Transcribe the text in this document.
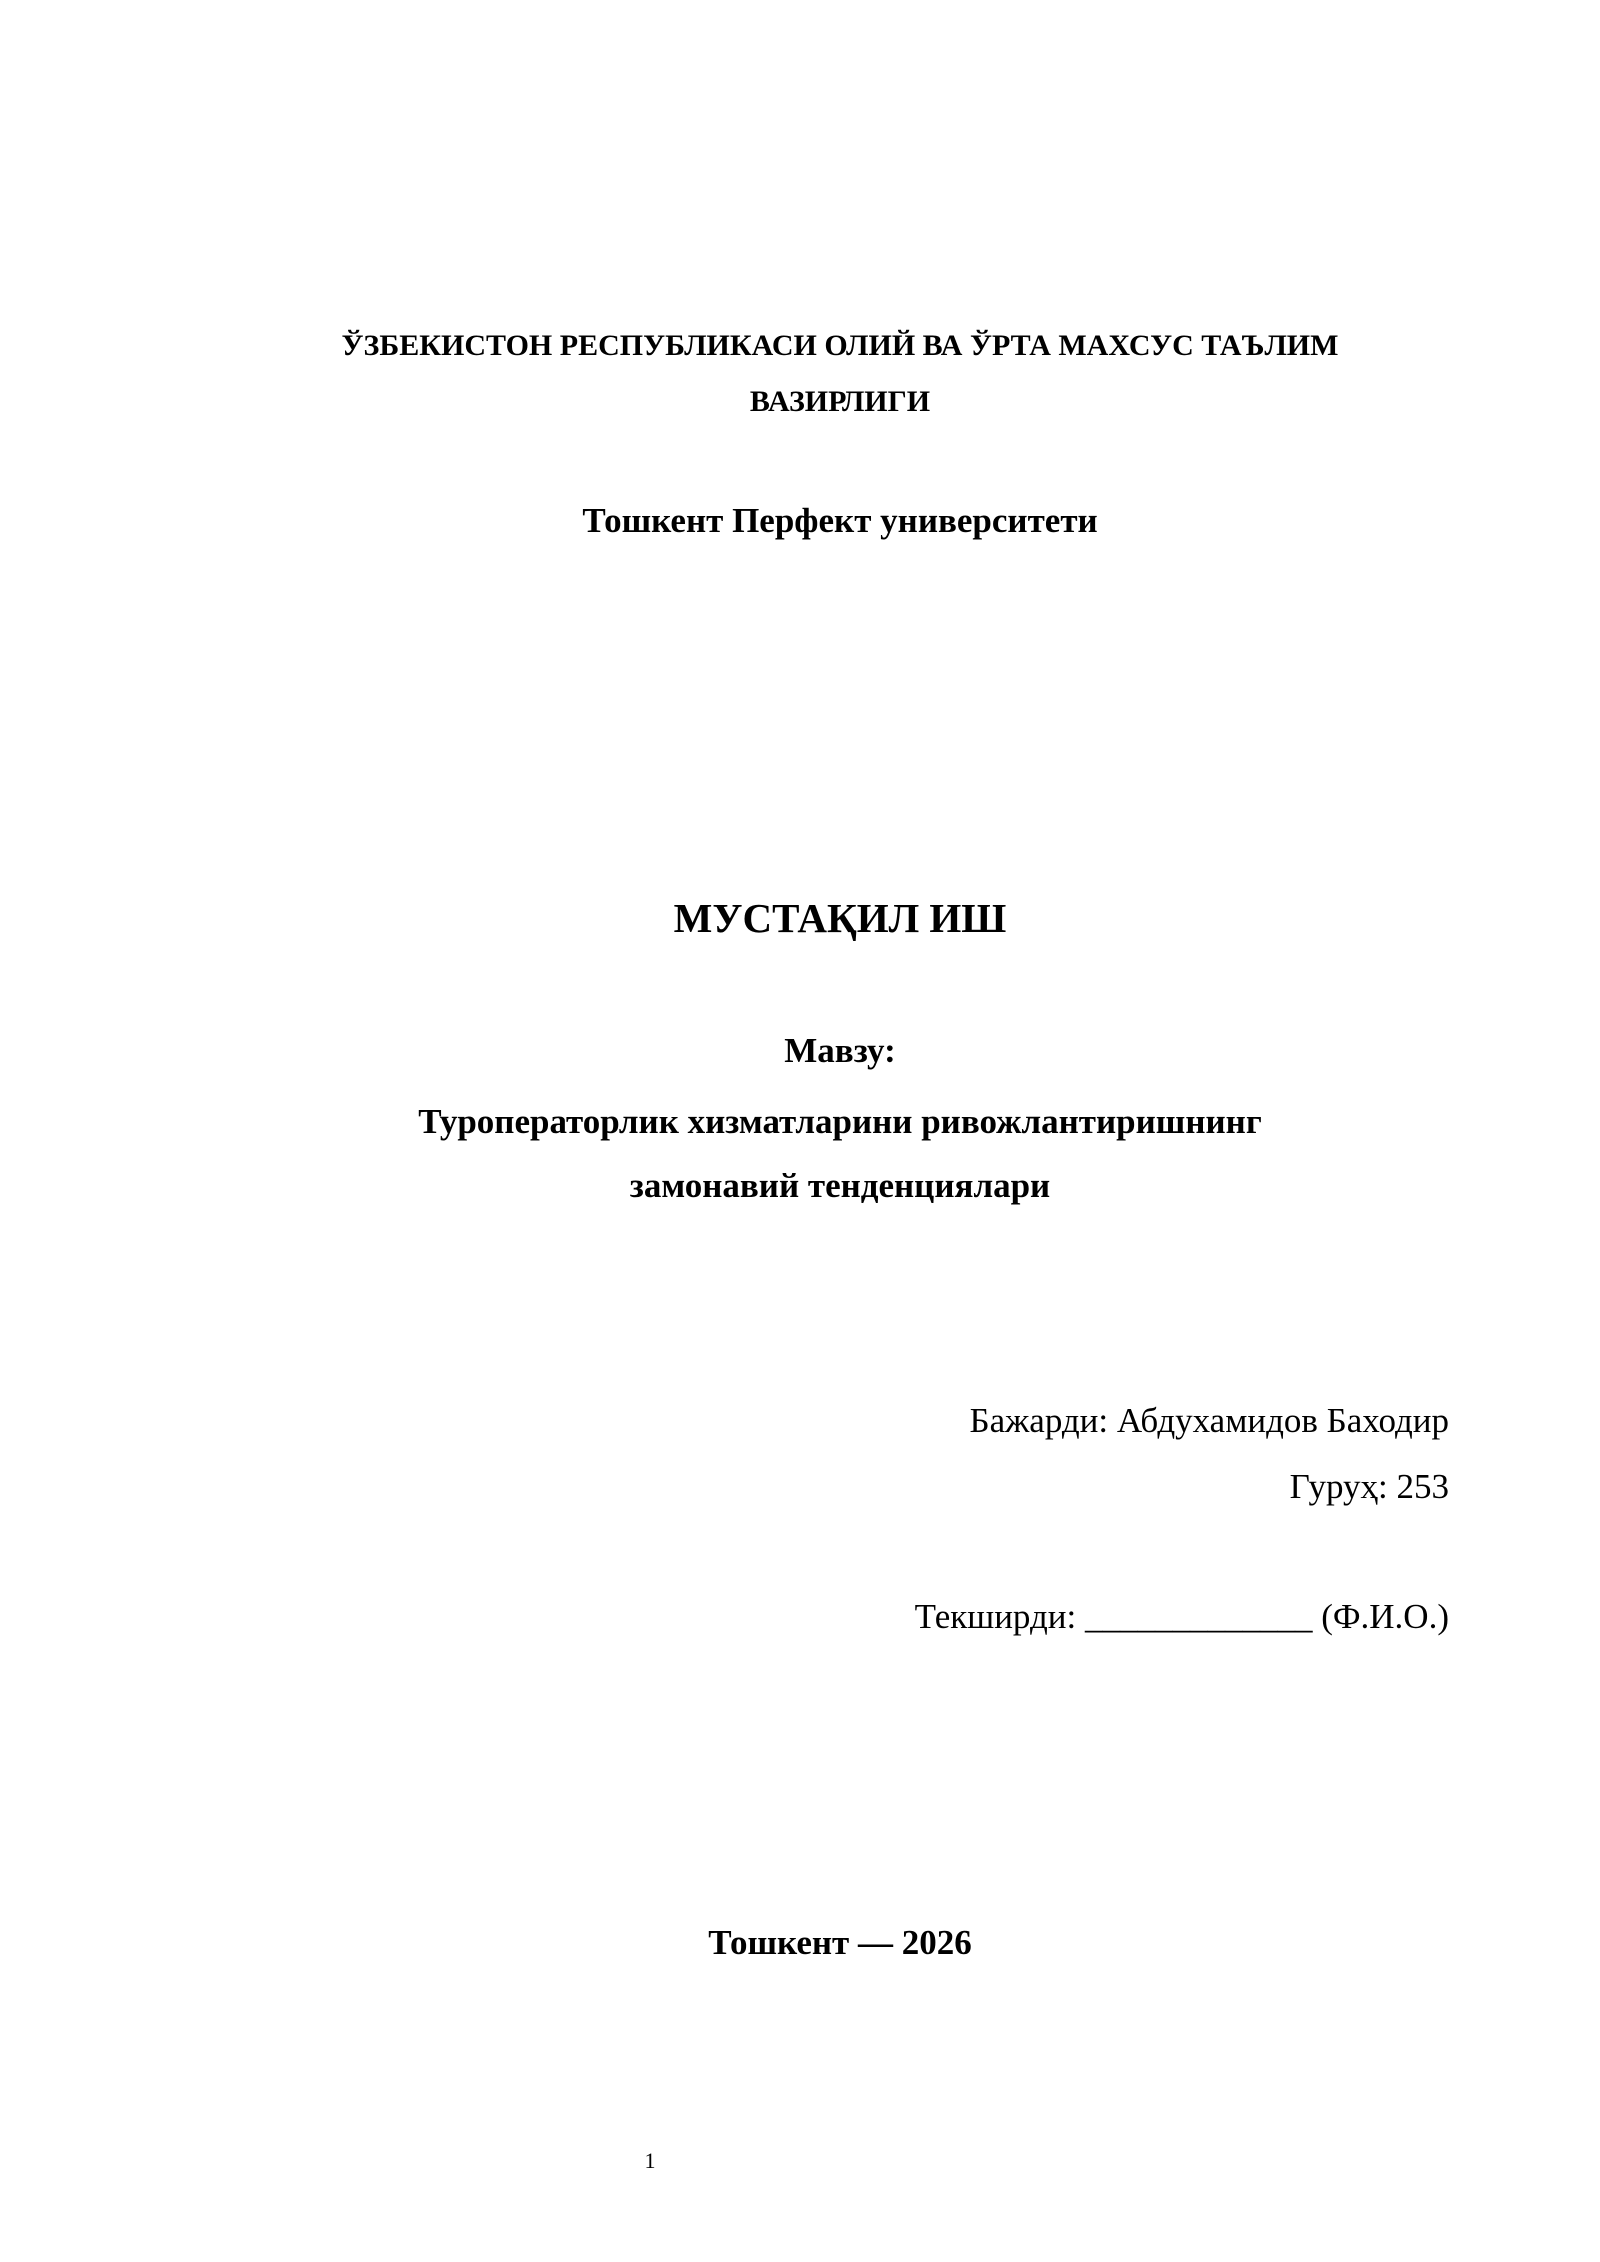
ЎЗБЕКИСТОН РЕСПУБЛИКАСИ ОЛИЙ ВА ЎРТА МАХСУС ТАЪЛИМ
ВАЗИРЛИГИ
Тошкент Перфект университети
МУСТАҚИЛ ИШ
Мавзу:
Туроператорлик хизматларини ривожлантиришнинг
замонавий тенденциялари
Бажарди: Абдухамидов Баходир
Гуруҳ: 253
Текширди: _____________ (Ф.И.О.)
Тошкент — 2026
1
